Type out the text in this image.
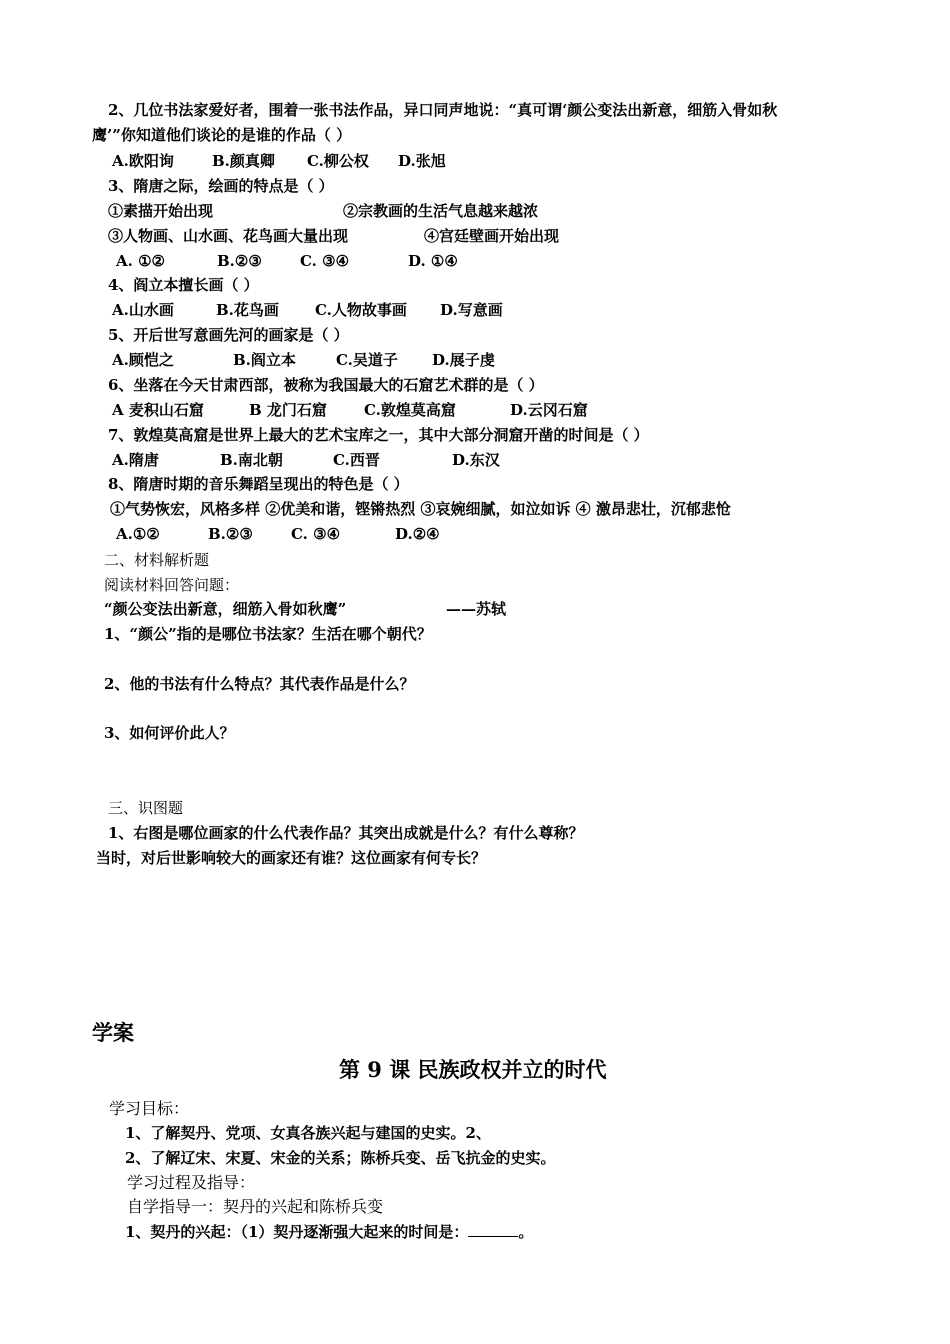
2、几位书法家爱好者，围着一张书法作品，异口同声地说：“真可谓‘颜公变法出新意，细筋入骨如秋
鹰’”你知道他们谈论的是谁的作品（ ）
A.欧阳询	B.颜真卿 C.柳公权 D.张旭
3、隋唐之际，绘画的特点是（ ）
①素描开始出现	②宗教画的生活气息越来越浓
③人物画、山水画、花鸟画大量出现	④宫廷壁画开始出现
A. ①②	B.②③	C. ③④	D. ①④
4、阎立本擅长画（ ）
A.山水画	B.花鸟画 C.人物故事画 D.写意画
5、开后世写意画先河的画家是（ ）
A.顾恺之	B.阎立本	C.吴道子 D.展子虔
6、坐落在今天甘肃西部，被称为我国最大的石窟艺术群的是（ ）
A 麦积山石窟	B 龙门石窟 C.敦煌莫高窟	D.云冈石窟
7、敦煌莫高窟是世界上最大的艺术宝库之一，其中大部分洞窟开凿的时间是（ ）
A.隋唐	B.南北朝	C.西晋	D.东汉
8、隋唐时期的音乐舞蹈呈现出的特色是（ ）
①气势恢宏，风格多样 ②优美和谐，铿锵热烈 ③哀婉细腻，如泣如诉 ④ 激昂悲壮，沉郁悲怆
A.①②	B.②③	C. ③④	D.②④
二、材料解析题
阅读材料回答问题：
“颜公变法出新意，细筋入骨如秋鹰”	——苏轼
1、“颜公”指的是哪位书法家？生活在哪个朝代？
2、他的书法有什么特点？其代表作品是什么？
3、如何评价此人？
三、识图题
1、右图是哪位画家的什么代表作品？其突出成就是什么？有什么尊称？
当时，对后世影响较大的画家还有谁？这位画家有何专长？
学案
第 9 课 民族政权并立的时代
学习目标：
1、了解契丹、党项、女真各族兴起与建国的史实。2、
2、了解辽宋、宋夏、宋金的关系；陈桥兵变、岳飞抗金的史实。
学习过程及指导：
自学指导一：契丹的兴起和陈桥兵变
1、契丹的兴起：（1）契丹逐渐强大起来的时间是：	。
